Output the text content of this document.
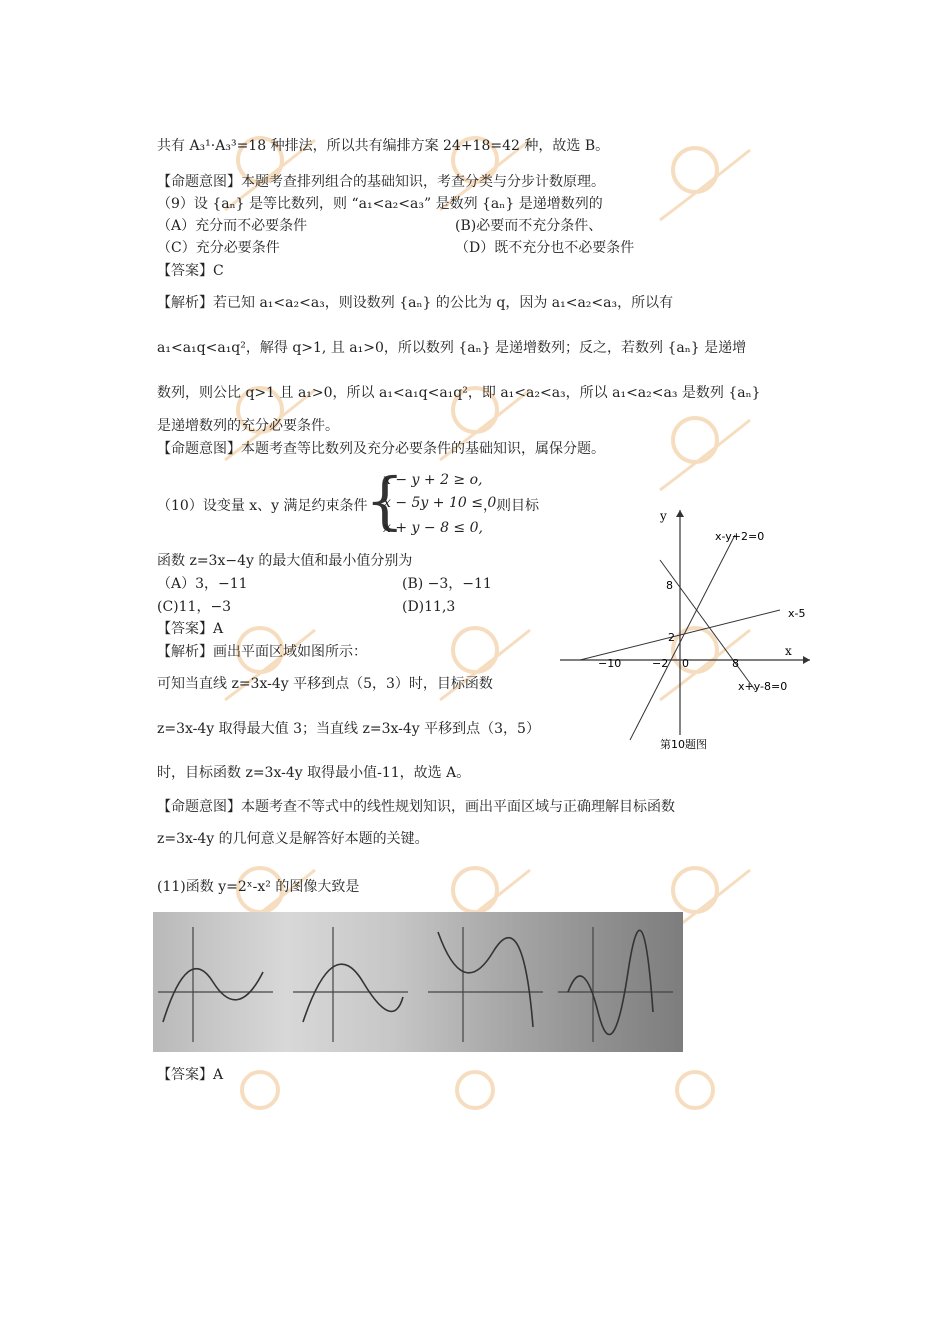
共有 A₃¹·A₃³=18 种排法，所以共有编排方案 24+18=42 种，故选 B。
【命题意图】本题考查排列组合的基础知识，考查分类与分步计数原理。
（9）设 {aₙ} 是等比数列，则 “a₁<a₂<a₃” 是数列 {aₙ} 是递增数列的
（A）充分而不必要条件	(B)必要而不充分条件、
（C）充分必要条件	（D）既不充分也不必要条件
【答案】C
【解析】若已知 a₁<a₂<a₃，则设数列 {aₙ} 的公比为 q，因为 a₁<a₂<a₃，所以有
a₁<a₁q<a₁q²，解得 q>1, 且 a₁>0，所以数列 {aₙ} 是递增数列；反之，若数列 {aₙ} 是递增
数列，则公比 q>1 且 a₁>0，所以 a₁<a₁q<a₁q²，即 a₁<a₂<a₃，所以 a₁<a₂<a₃ 是数列 {aₙ}
是递增数列的充分必要条件。
【命题意图】本题考查等比数列及充分必要条件的基础知识，属保分题。
（10）设变量 x、y 满足约束条件
{
x − y + 2 ≥ o,
x − 5y + 10 ≤ 0,
x + y − 8 ≤ 0,
，则目标
函数 z=3x−4y 的最大值和最小值分别为
（A）3，−11	(B) −3，−11
(C)11，−3	(D)11,3
【答案】A
【解析】画出平面区域如图所示：
可知当直线 z=3x-4y 平移到点（5，3）时，目标函数
z=3x-4y 取得最大值 3；当直线 z=3x-4y 平移到点（3，5）
时，目标函数 z=3x-4y 取得最小值-11，故选 A。
【命题意图】本题考查不等式中的线性规划知识，画出平面区域与正确理解目标函数
z=3x-4y 的几何意义是解答好本题的关键。
y
x
x-y+2=0
x-5
x+y-8=0
8
2
−10	−2 0	8
第10题图
(11)函数 y=2ˣ-x² 的图像大致是
【答案】A
